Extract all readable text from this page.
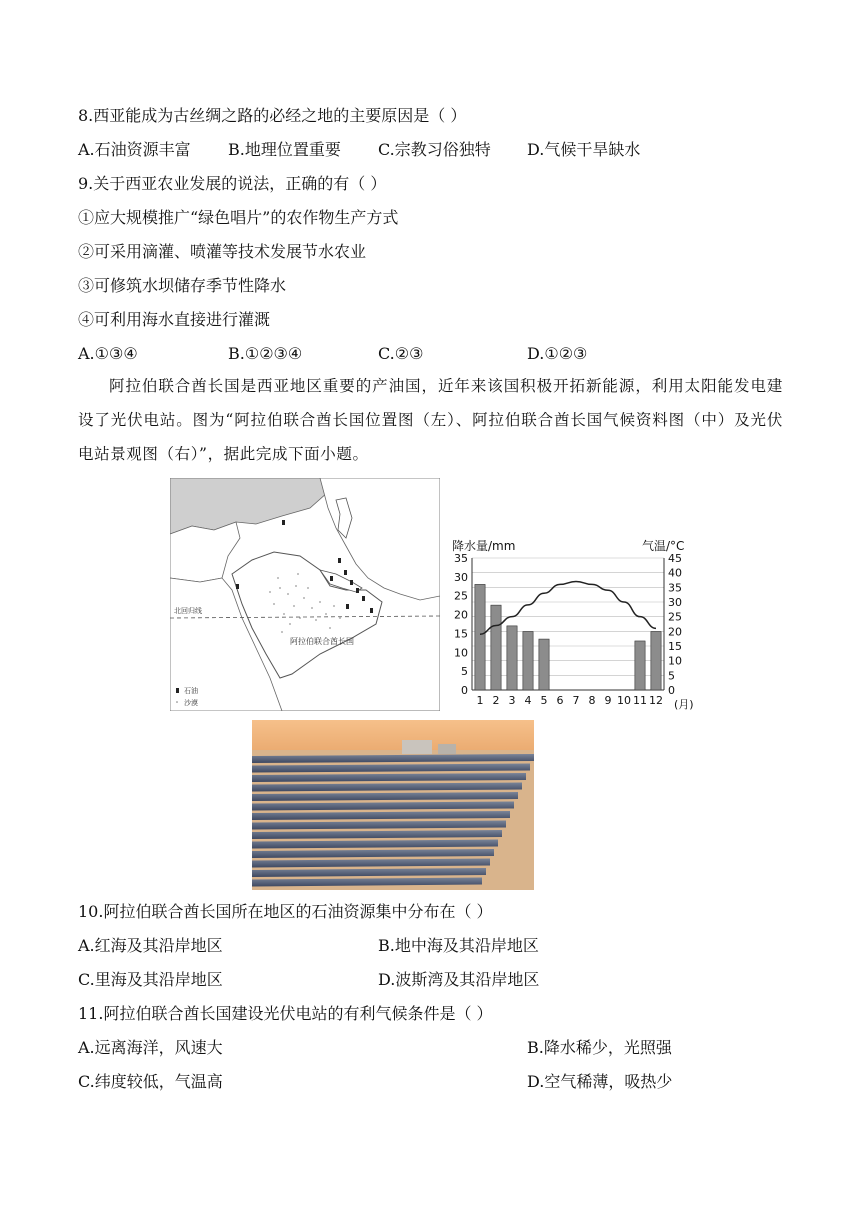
8.西亚能成为古丝绸之路的必经之地的主要原因是（ ）
A.石油资源丰富 B.地理位置重要 C.宗教习俗独特 D.气候干旱缺水
9.关于西亚农业发展的说法，正确的有（ ）
①应大规模推广“绿色唱片”的农作物生产方式
②可采用滴灌、喷灌等技术发展节水农业
③可修筑水坝储存季节性降水
④可利用海水直接进行灌溉
A.①③④	B.①②③④	C.②③	D.①②③
阿拉伯联合酋长国是西亚地区重要的产油国，近年来该国积极开拓新能源，利用太阳能发电建设了光伏电站。图为“阿拉伯联合酋长国位置图（左）、阿拉伯联合酋长国气候资料图（中）及光伏电站景观图（右）”，据此完成下面小题。
北回归线
阿拉伯联合酋长国
石油
沙漠
降水量/mm	气温/°C
1 2 3 4 5 6 7 8 9 10 11 12
0
5
10
15
20
25
30
35
0
5
10
15
20
25
30
35
40
45
(月)
10.阿拉伯联合酋长国所在地区的石油资源集中分布在（ ）
A.红海及其沿岸地区	B.地中海及其沿岸地区
C.里海及其沿岸地区	D.波斯湾及其沿岸地区
11.阿拉伯联合酋长国建设光伏电站的有利气候条件是（ ）
A.远离海洋，风速大	B.降水稀少，光照强
C.纬度较低，气温高	D.空气稀薄，吸热少
